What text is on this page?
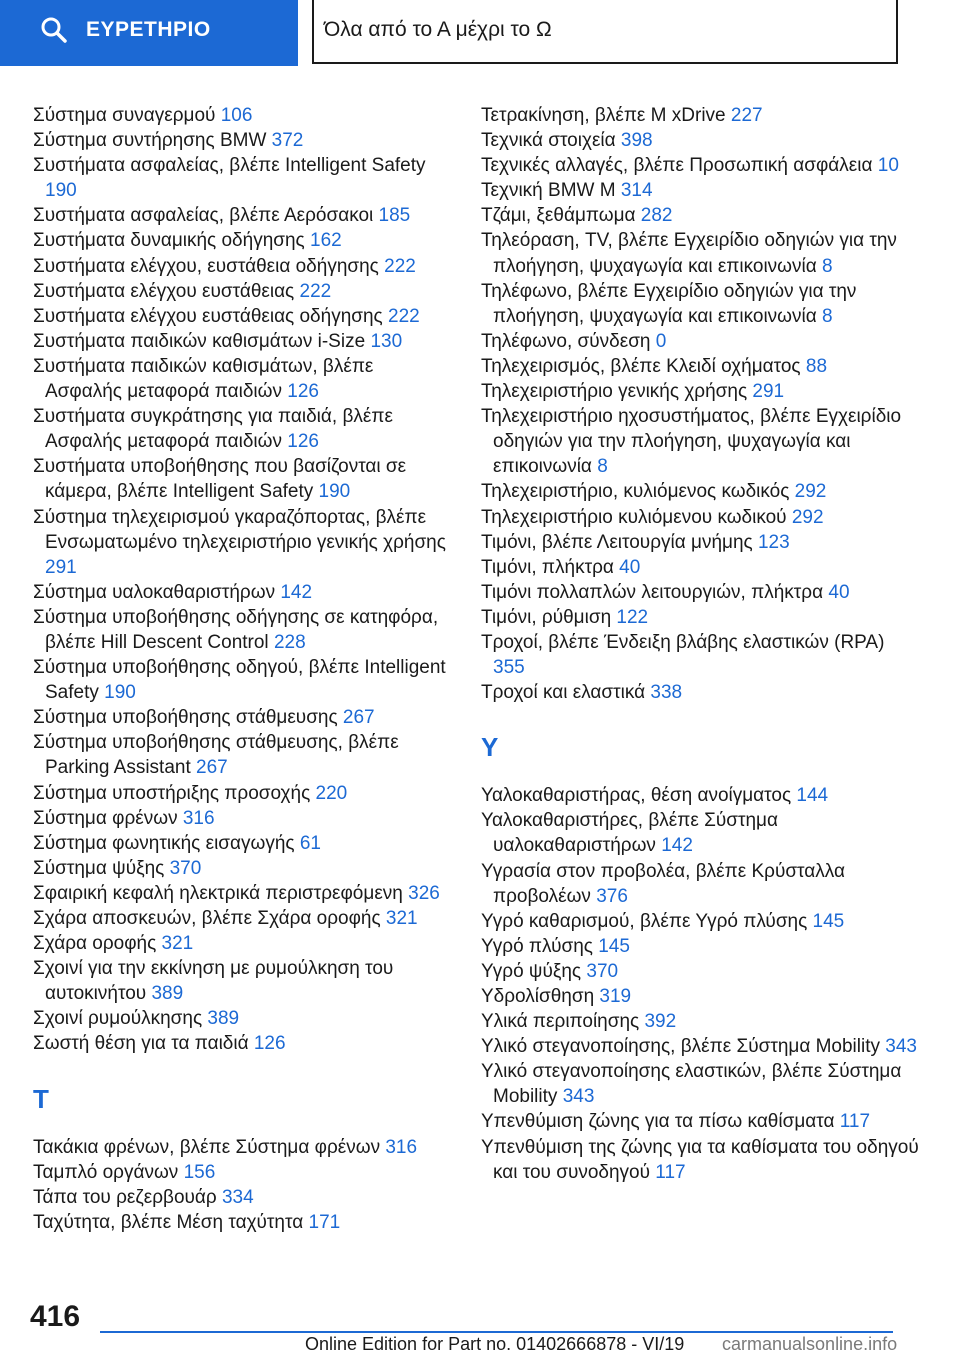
ΕΥΡΕΤΗΡΙΟ	Όλα από το Α μέχρι το Ω
Σύστημα συναγερμού 106
Σύστημα συντήρησης BMW 372
Συστήματα ασφαλείας, βλέπε Intelligent Safety 190
Συστήματα ασφαλείας, βλέπε Αερόσακοι 185
Συστήματα δυναμικής οδήγησης 162
Συστήματα ελέγχου, ευστάθεια οδήγησης 222
Συστήματα ελέγχου ευστάθειας 222
Συστήματα ελέγχου ευστάθειας οδήγησης 222
Συστήματα παιδικών καθισμάτων i-Size 130
Συστήματα παιδικών καθισμάτων, βλέπε Ασφαλής μεταφορά παιδιών 126
Συστήματα συγκράτησης για παιδιά, βλέπε Ασφαλής μεταφορά παιδιών 126
Συστήματα υποβοήθησης που βασίζονται σε κάμερα, βλέπε Intelligent Safety 190
Σύστημα τηλεχειρισμού γκαραζόπορτας, βλέπε Ενσωματωμένο τηλεχειριστήριο γενικής χρήσης 291
Σύστημα υαλοκαθαριστήρων 142
Σύστημα υποβοήθησης οδήγησης σε κατηφόρα, βλέπε Hill Descent Control 228
Σύστημα υποβοήθησης οδηγού, βλέπε Intelligent Safety 190
Σύστημα υποβοήθησης στάθμευσης 267
Σύστημα υποβοήθησης στάθμευσης, βλέπε Parking Assistant 267
Σύστημα υποστήριξης προσοχής 220
Σύστημα φρένων 316
Σύστημα φωνητικής εισαγωγής 61
Σύστημα ψύξης 370
Σφαιρική κεφαλή ηλεκτρικά περιστρεφόμενη 326
Σχάρα αποσκευών, βλέπε Σχάρα οροφής 321
Σχάρα οροφής 321
Σχοινί για την εκκίνηση με ρυμούλκηση του αυτοκινήτου 389
Σχοινί ρυμούλκησης 389
Σωστή θέση για τα παιδιά 126
Τ
Τακάκια φρένων, βλέπε Σύστημα φρένων 316
Ταμπλό οργάνων 156
Τάπα του ρεζερβουάρ 334
Ταχύτητα, βλέπε Μέση ταχύτητα 171
Τετρακίνηση, βλέπε M xDrive 227
Τεχνικά στοιχεία 398
Τεχνικές αλλαγές, βλέπε Προσωπική ασφάλεια 10
Τεχνική BMW M 314
Τζάμι, ξεθάμπωμα 282
Τηλεόραση, TV, βλέπε Εγχειρίδιο οδηγιών για την πλοήγηση, ψυχαγωγία και επικοινωνία 8
Τηλέφωνο, βλέπε Εγχειρίδιο οδηγιών για την πλοήγηση, ψυχαγωγία και επικοινωνία 8
Τηλέφωνο, σύνδεση 0
Τηλεχειρισμός, βλέπε Κλειδί οχήματος 88
Τηλεχειριστήριο γενικής χρήσης 291
Τηλεχειριστήριο ηχοσυστήματος, βλέπε Εγχειρίδιο οδηγιών για την πλοήγηση, ψυχαγωγία και επικοινωνία 8
Τηλεχειριστήριο, κυλιόμενος κωδικός 292
Τηλεχειριστήριο κυλιόμενου κωδικού 292
Τιμόνι, βλέπε Λειτουργία μνήμης 123
Τιμόνι, πλήκτρα 40
Τιμόνι πολλαπλών λειτουργιών, πλήκτρα 40
Τιμόνι, ρύθμιση 122
Τροχοί, βλέπε Ένδειξη βλάβης ελαστικών (RPA) 355
Τροχοί και ελαστικά 338
Υ
Υαλοκαθαριστήρας, θέση ανοίγματος 144
Υαλοκαθαριστήρες, βλέπε Σύστημα υαλοκαθαριστήρων 142
Υγρασία στον προβολέα, βλέπε Κρύσταλλα προβολέων 376
Υγρό καθαρισμού, βλέπε Υγρό πλύσης 145
Υγρό πλύσης 145
Υγρό ψύξης 370
Υδρολίσθηση 319
Υλικά περιποίησης 392
Υλικό στεγανοποίησης, βλέπε Σύστημα Mobility 343
Υλικό στεγανοποίησης ελαστικών, βλέπε Σύστημα Mobility 343
Υπενθύμιση ζώνης για τα πίσω καθίσματα 117
Υπενθύμιση της ζώνης για τα καθίσματα του οδηγού και του συνοδηγού 117
416
Online Edition for Part no. 01402666878 - VI/19 carmanualsonline.info
